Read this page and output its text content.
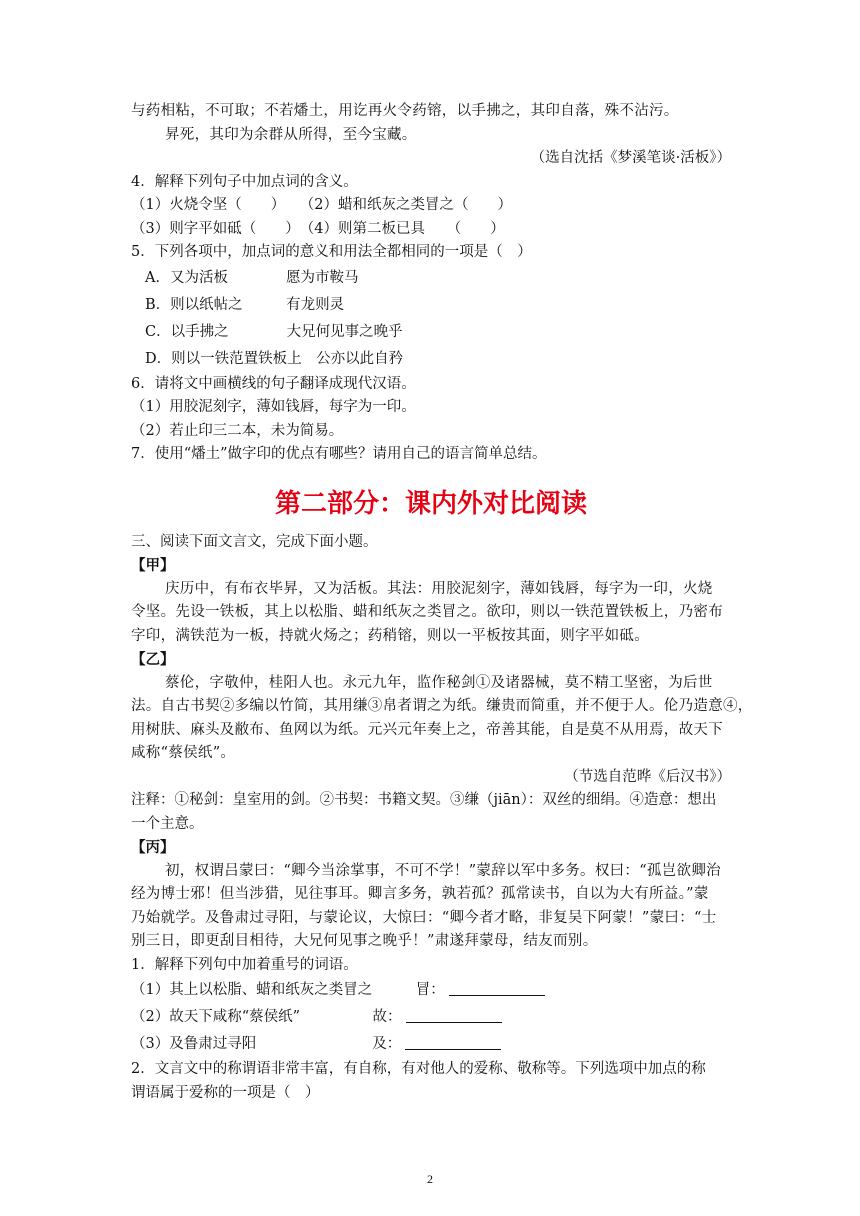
与药相粘，不可取；不若燔土，用讫再火令药镕，以手拂之，其印自落，殊不沾污。
昇死，其印为余群从所得，至今宝藏。
（选自沈括《梦溪笔谈·活板》）
4．解释下列句子中加点词的含义。
（1）火烧令坚（　　）　　（2）蜡和纸灰之类冒之（　　）
（3）则字平如砥（　　）　（4）则第二板已具　　（　　）
5．下列各项中，加点词的意义和用法全都相同的一项是（　）
A．又为活板　　　　愿为市鞍马
B．则以纸帖之　　　有龙则灵
C．以手拂之　　　　大兄何见事之晚乎
D．则以一铁范置铁板上　公亦以此自矜
6．请将文中画横线的句子翻译成现代汉语。
（1）用胶泥刻字，薄如钱唇，每字为一印。
（2）若止印三二本，未为简易。
7．使用“燔土”做字印的优点有哪些？请用自己的语言简单总结。
第二部分：课内外对比阅读
三、阅读下面文言文，完成下面小题。
【甲】
庆历中，有布衣毕昇，又为活板。其法：用胶泥刻字，薄如钱唇，每字为一印，火烧
令坚。先设一铁板，其上以松脂、蜡和纸灰之类冒之。欲印，则以一铁范置铁板上，乃密布
字印，满铁范为一板，持就火炀之；药稍镕，则以一平板按其面，则字平如砥。
【乙】
蔡伦，字敬仲，桂阳人也。永元九年，监作秘剑①及诸器械，莫不精工坚密，为后世
法。自古书契②多编以竹简，其用缣③帛者谓之为纸。缣贵而简重，并不便于人。伦乃造意④，
用树肤、麻头及敝布、鱼网以为纸。元兴元年奏上之，帝善其能，自是莫不从用焉，故天下
咸称“蔡侯纸”。
（节选自范晔《后汉书》）
注释：①秘剑：皇室用的剑。②书契：书籍文契。③缣（jiān）：双丝的细绢。④造意：想出
一个主意。
【丙】
初，权谓吕蒙曰：“卿今当涂掌事，不可不学！”蒙辞以军中多务。权曰：“孤岂欲卿治
经为博士邪！但当涉猎，见往事耳。卿言多务，孰若孤？孤常读书，自以为大有所益。”蒙
乃始就学。及鲁肃过寻阳，与蒙论议，大惊曰：“卿今者才略，非复吴下阿蒙！”蒙曰：“士
别三日，即更刮目相待，大兄何见事之晚乎！”肃遂拜蒙母，结友而别。
1．解释下列句中加着重号的词语。
（1）其上以松脂、蜡和纸灰之类冒之　　　冒：
（2）故天下咸称“蔡侯纸”　　　　　故：
（3）及鲁肃过寻阳　　　　　　　　及：
2．文言文中的称谓语非常丰富，有自称，有对他人的爱称、敬称等。下列选项中加点的称
谓语属于爱称的一项是（　）
2
